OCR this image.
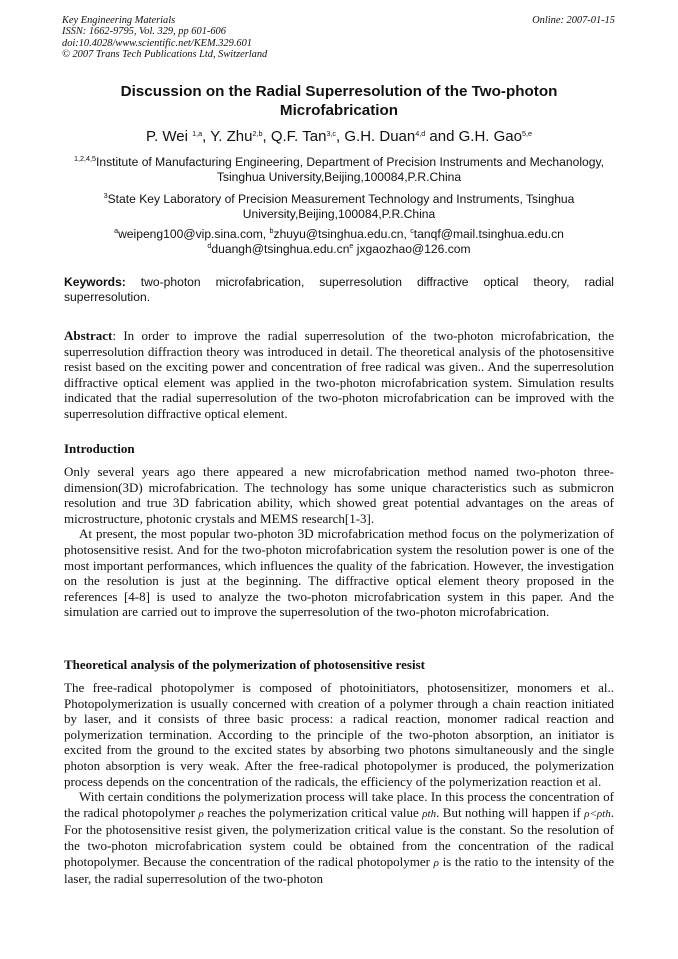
Key Engineering Materials
ISSN: 1662-9795, Vol. 329, pp 601-606
doi:10.4028/www.scientific.net/KEM.329.601
© 2007 Trans Tech Publications Ltd, Switzerland
Online: 2007-01-15
Discussion on the Radial Superresolution of the Two-photon Microfabrication
P. Wei $^{1,a}$, Y. Zhu$^{2,b}$, Q.F. Tan$^{3,c}$, G.H. Duan$^{4,d}$ and G.H. Gao$^{5,e}$
$^{1,2,4,5}$Institute of Manufacturing Engineering, Department of Precision Instruments and Mechanology, Tsinghua University,Beijing,100084,P.R.China
$^3$State Key Laboratory of Precision Measurement Technology and Instruments, Tsinghua University,Beijing,100084,P.R.China
$^a$weipeng100@vip.sina.com, $^b$zhuyu@tsinghua.edu.cn, $^c$tanqf@mail.tsinghua.edu.cn
$^dduangh@tsinghua.edu.cn^e$ jxgaozhao@126.com
Keywords: two-photon microfabrication, superresolution diffractive optical theory, radial superresolution.
Abstract: In order to improve the radial superresolution of the two-photon microfabrication, the superresolution diffraction theory was introduced in detail. The theoretical analysis of the photosensitive resist based on the exciting power and concentration of free radical was given.. And the superresolution diffractive optical element was applied in the two-photon microfabrication system. Simulation results indicated that the radial superresolution of the two-photon microfabrication can be improved with the superresolution diffractive optical element.
Introduction

Only several years ago there appeared a new microfabrication method named two-photon three-dimension(3D) microfabrication. The technology has some unique characteristics such as submicron resolution and true 3D fabrication ability, which showed great potential advantages on the areas of microstructure, photonic crystals and MEMS research[1-3].

At present, the most popular two-photon 3D microfabrication method focus on the polymerization of photosensitive resist. And for the two-photon microfabrication system the resolution power is one of the most important performances, which influences the quality of the fabrication. However, the investigation on the resolution is just at the beginning. The diffractive optical element theory proposed in the references [4-8] is used to analyze the two-photon microfabrication system in this paper. And the simulation are carried out to improve the superresolution of the two-photon microfabrication.

Theoretical analysis of the polymerization of photosensitive resist

The free-radical photopolymer is composed of photoinitiators, photosensitizer, monomers et al.. Photopolymerization is usually concerned with creation of a polymer through a chain reaction initiated by laser, and it consists of three basic process: a radical reaction, monomer radical reaction and polymerization termination. According to the principle of the two-photon absorption, an initiator is excited from the ground to the excited states by absorbing two photons simultaneously and the single photon absorption is very weak. After the free-radical photopolymer is produced, the polymerization process depends on the concentration of the radicals, the efficiency of the polymerization reaction et al.

With certain conditions the polymerization process will take place. In this process the concentration of the radical photopolymer ρ reaches the polymerization critical value ρth. But nothing will happen if ρ<ρth. For the photosensitive resist given, the polymerization critical value is the constant. So the resolution of the two-photon microfabrication system could be obtained from the concentration of the radical photopolymer. Because the concentration of the radical photopolymer ρ is the ratio to the intensity of the laser, the radial superresolution of the two-photon
